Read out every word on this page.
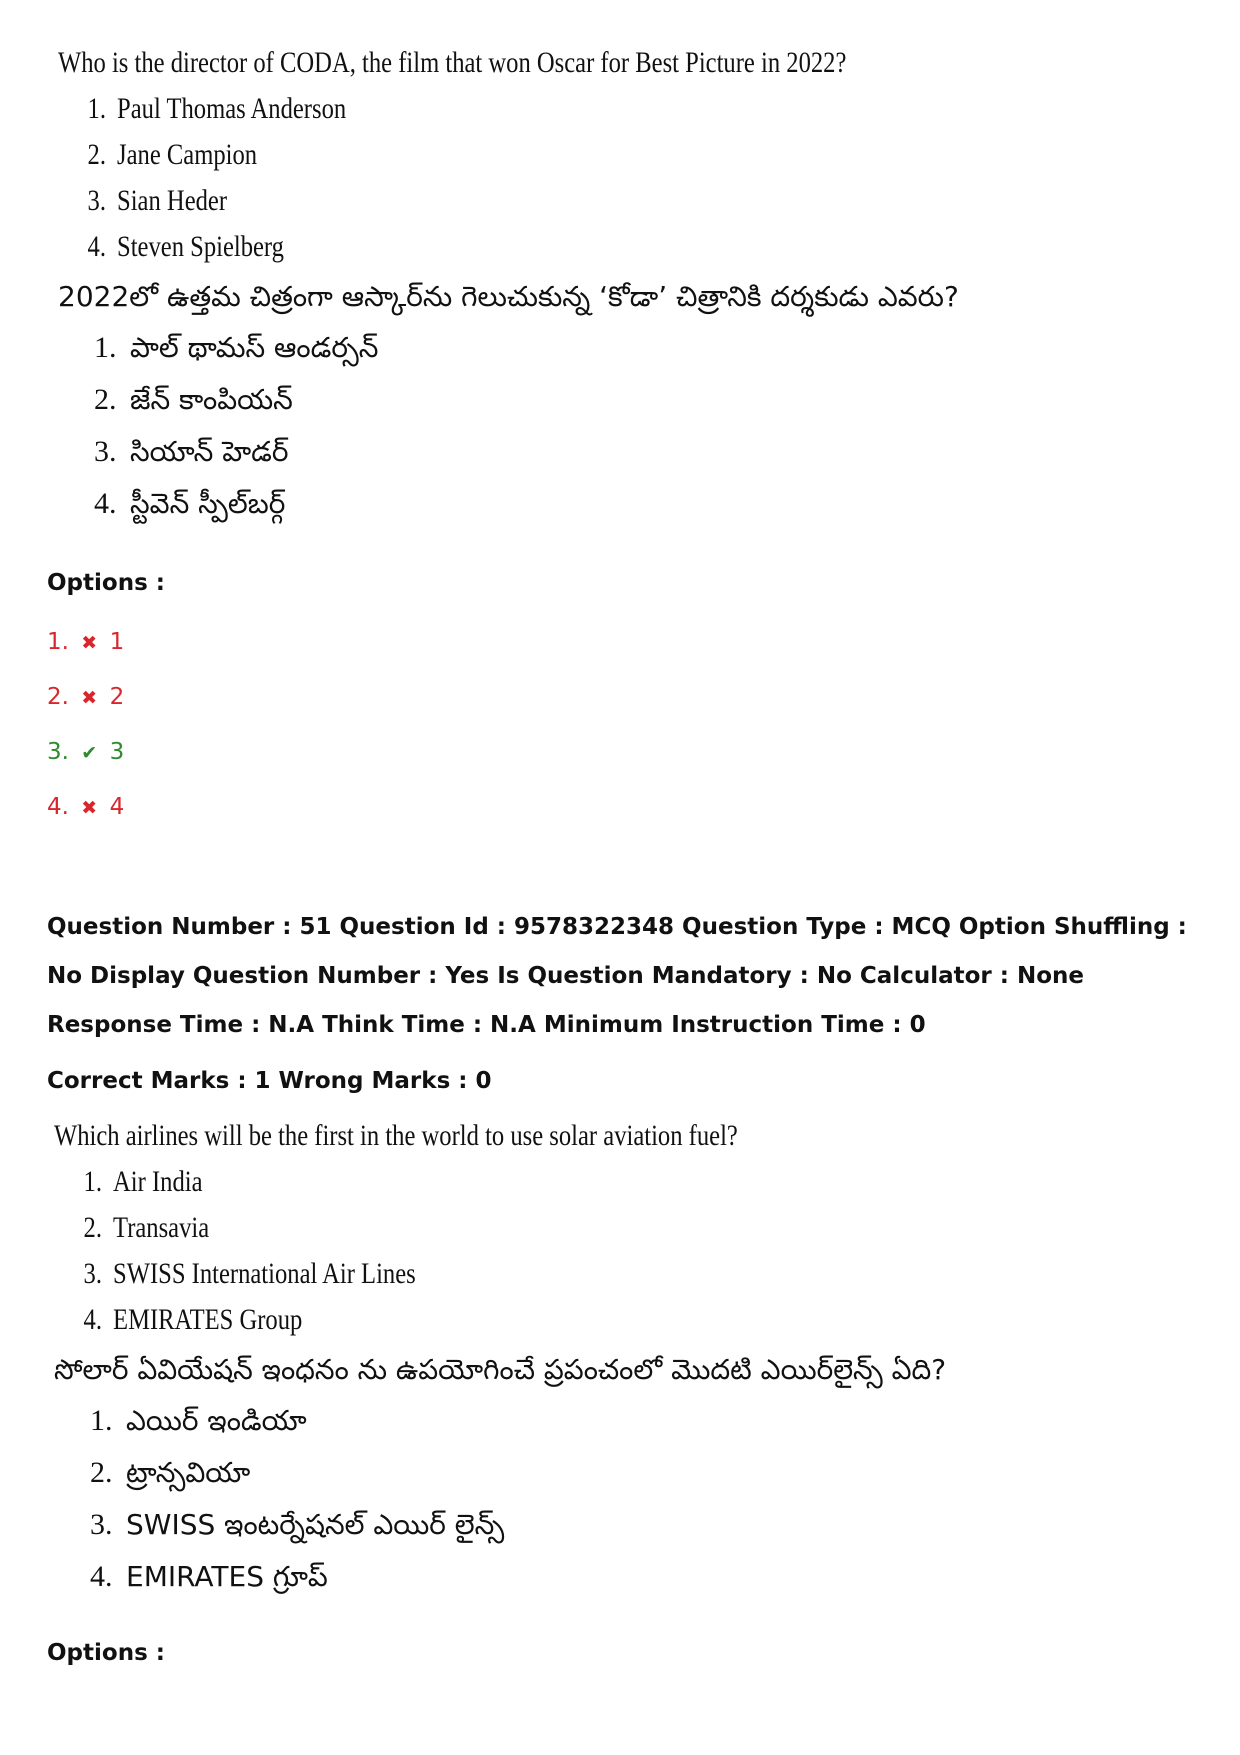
Who is the director of CODA, the film that won Oscar for Best Picture in 2022?
1. Paul Thomas Anderson
2. Jane Campion
3. Sian Heder
4. Steven Spielberg
2022లో ఉత్తమ చిత్రంగా ఆస్కార్‌ను గెలుచుకున్న ‘కోడా’ చిత్రానికి దర్శకుడు ఎవరు?
1. పాల్ థామస్ ఆండర్సన్
2. జేన్ కాంపియన్
3. సియాన్ హెడర్
4. స్టీవెన్ స్పీల్‌బర్గ్
Options :
1. ✖ 1
2. ✖ 2
3. ✔ 3
4. ✖ 4
Question Number : 51 Question Id : 9578322348 Question Type : MCQ Option Shuffling : No Display Question Number : Yes Is Question Mandatory : No Calculator : None Response Time : N.A Think Time : N.A Minimum Instruction Time : 0
Correct Marks : 1 Wrong Marks : 0
Which airlines will be the first in the world to use solar aviation fuel?
1. Air India
2. Transavia
3. SWISS International Air Lines
4. EMIRATES Group
సోలార్ ఏవియేషన్ ఇంధనం ను ఉపయోగించే ప్రపంచంలో మొదటి ఎయిర్‌లైన్స్ ఏది?
1. ఎయిర్ ఇండియా
2. ట్రాన్సవియా
3. SWISS ఇంటర్నేషనల్ ఎయిర్ లైన్స్
4. EMIRATES గ్రూప్
Options :
